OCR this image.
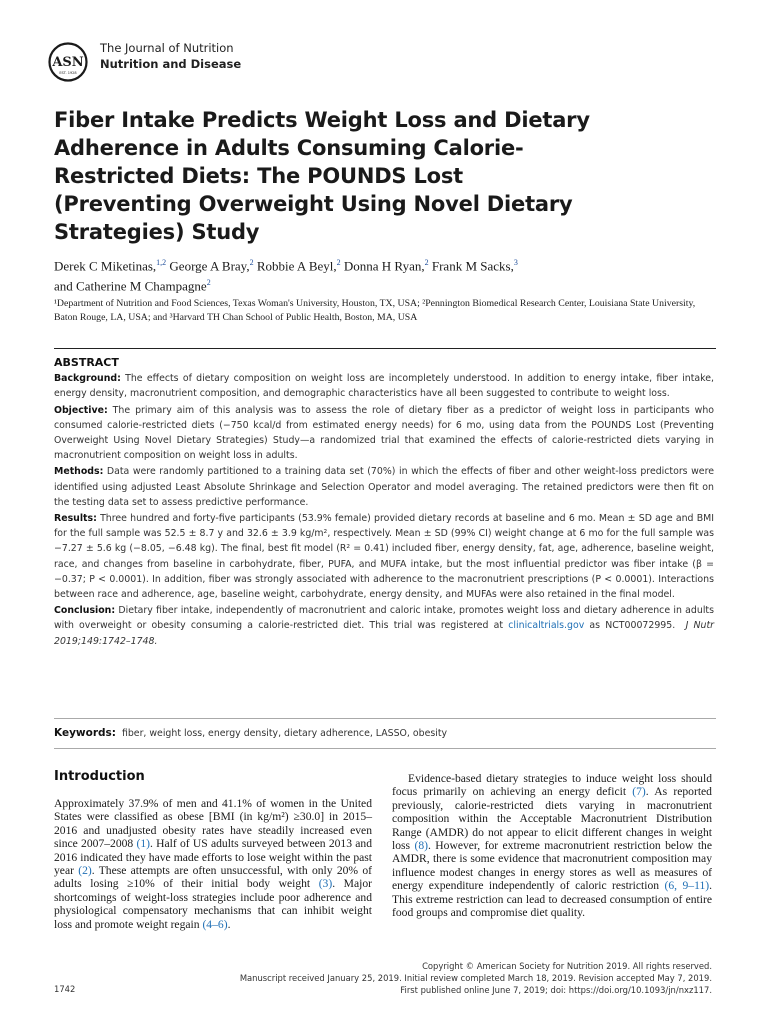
ASN
EST. 1928
The Journal of Nutrition
Nutrition and Disease
Fiber Intake Predicts Weight Loss and Dietary Adherence in Adults Consuming Calorie-Restricted Diets: The POUNDS Lost (Preventing Overweight Using Novel Dietary Strategies) Study
Derek C Miketinas,$^{1,2}$ George A Bray,$^2$ Robbie A Beyl,$^2$ Donna H Ryan,$^2$ Frank M Sacks,$^3$
and Catherine M Champagne$^2$
¹Department of Nutrition and Food Sciences, Texas Woman's University, Houston, TX, USA; ²Pennington Biomedical Research Center, Louisiana State University, Baton Rouge, LA, USA; and ³Harvard TH Chan School of Public Health, Boston, MA, USA
ABSTRACT

Background: The effects of dietary composition on weight loss are incompletely understood. In addition to energy intake, fiber intake, energy density, macronutrient composition, and demographic characteristics have all been suggested to contribute to weight loss.

Objective: The primary aim of this analysis was to assess the role of dietary fiber as a predictor of weight loss in participants who consumed calorie-restricted diets (−750 kcal/d from estimated energy needs) for 6 mo, using data from the POUNDS Lost (Preventing Overweight Using Novel Dietary Strategies) Study—a randomized trial that examined the effects of calorie-restricted diets varying in macronutrient composition on weight loss in adults.

Methods: Data were randomly partitioned to a training data set (70%) in which the effects of fiber and other weight-loss predictors were identified using adjusted Least Absolute Shrinkage and Selection Operator and model averaging. The retained predictors were then fit on the testing data set to assess predictive performance.

Results: Three hundred and forty-five participants (53.9% female) provided dietary records at baseline and 6 mo. Mean ± SD age and BMI for the full sample was 52.5 ± 8.7 y and 32.6 ± 3.9 kg/m², respectively. Mean ± SD (99% CI) weight change at 6 mo for the full sample was −7.27 ± 5.6 kg (−8.05, −6.48 kg). The final, best fit model (R² = 0.41) included fiber, energy density, fat, age, adherence, baseline weight, race, and changes from baseline in carbohydrate, fiber, PUFA, and MUFA intake, but the most influential predictor was fiber intake (β = −0.37; P < 0.0001). In addition, fiber was strongly associated with adherence to the macronutrient prescriptions (P < 0.0001). Interactions between race and adherence, age, baseline weight, carbohydrate, energy density, and MUFAs were also retained in the final model.

Conclusion: Dietary fiber intake, independently of macronutrient and caloric intake, promotes weight loss and dietary adherence in adults with overweight or obesity consuming a calorie-restricted diet. This trial was registered at clinicaltrials.gov as NCT00072995. J Nutr 2019;149:1742–1748.

Keywords: fiber, weight loss, energy density, dietary adherence, LASSO, obesity
Introduction
Approximately 37.9% of men and 41.1% of women in the United States were classified as obese [BMI (in kg/m²) ≥30.0] in 2015–2016 and unadjusted obesity rates have steadily increased even since 2007–2008 (1). Half of US adults surveyed between 2013 and 2016 indicated they have made efforts to lose weight within the past year (2). These attempts are often unsuccessful, with only 20% of adults losing ≥10% of their initial body weight (3). Major shortcomings of weight-loss strategies include poor adherence and physiological compensatory mechanisms that can inhibit weight loss and promote weight regain (4–6).
Evidence-based dietary strategies to induce weight loss should focus primarily on achieving an energy deficit (7). As reported previously, calorie-restricted diets varying in macronutrient composition within the Acceptable Macronutrient Distribution Range (AMDR) do not appear to elicit different changes in weight loss (8). However, for extreme macronutrient restriction below the AMDR, there is some evidence that macronutrient composition may influence modest changes in energy stores as well as measures of energy expenditure independently of caloric restriction (6, 9–11). This extreme restriction can lead to decreased consumption of entire food groups and compromise diet quality.
Copyright © American Society for Nutrition 2019. All rights reserved.
Manuscript received January 25, 2019. Initial review completed March 18, 2019. Revision accepted May 7, 2019.
First published online June 7, 2019; doi: https://doi.org/10.1093/jn/nxz117.
1742
